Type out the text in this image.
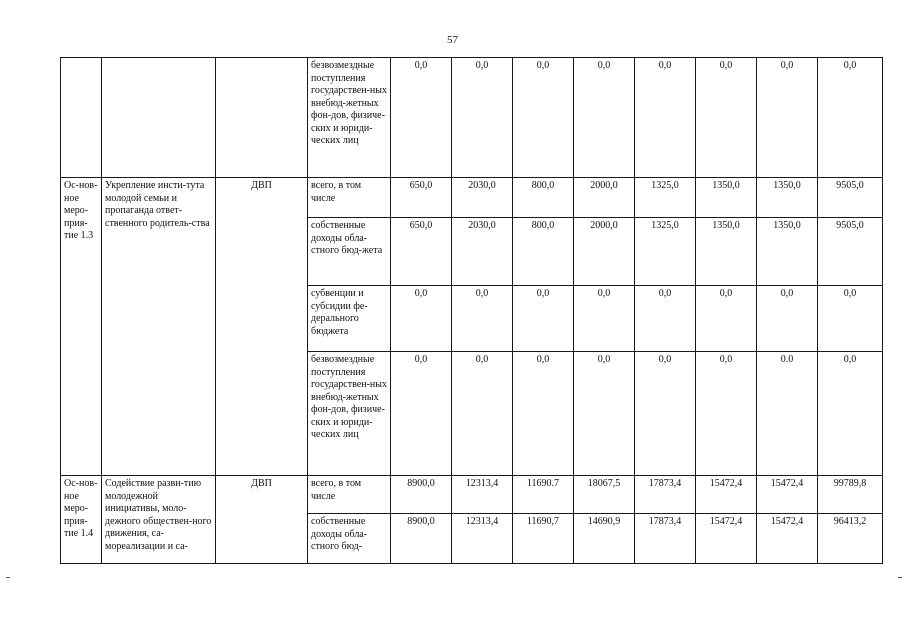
57
			безвозмездные поступления государствен-ных внебюд-жетных фон-дов, физиче-ских и юриди-ческих лиц	0,0	0,0	0,0	0,0	0,0	0,0	0,0	0,0
Ос-нов-ное меро-прия-тие 1.3	Укрепление инсти-тута молодой семьи и пропаганда ответ-ственного родитель-ства	ДВП	всего, в том числе	650,0	2030,0	800,0	2000,0	1325,0	1350,0	1350,0	9505,0
			собственные доходы обла-стного бюд-жета	650,0	2030,0	800,0	2000,0	1325,0	1350,0	1350,0	9505,0
			субвенции и субсидии фе-дерального бюджета	0,0	0,0	0,0	0,0	0,0	0,0	0,0	0,0
			безвозмездные поступления государствен-ных внебюд-жетных фон-дов, физиче-ских и юриди-ческих лиц	0,0	0,0	0,0	0,0	0,0	0,0	0.0	0,0
Ос-нов-ное меро-прия-тие 1.4	Содействие разви-тию молодежной инициативы, моло-дежного обществен-ного движения, са-мореализации и са-	ДВП	всего, в том числе	8900,0	12313,4	11690.7	18067,5	17873,4	15472,4	15472,4	99789,8
			собственные доходы обла-стного бюд-	8900,0	12313,4	11690,7	14690,9	17873,4	15472,4	15472,4	96413,2
